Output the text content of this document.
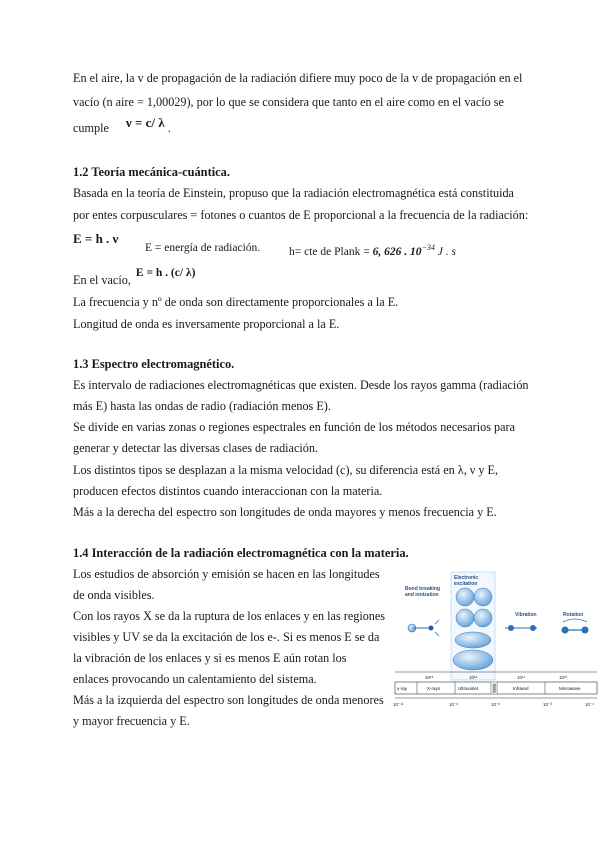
En el aire, la v de propagación de la radiación difiere muy poco de la v de propagación en el
vacío (n aire = 1,00029), por lo que se considera que tanto en el aire como en el vacío se
cumple ν = c/ λ .
1.2 Teoría mecánica-cuántica.
Basada en la teoría de Einstein, propuso que la radiación electromagnética está constituida
por entes corpusculares = fotones o cuantos de E proporcional a la frecuencia de la radiación:
E = h . ν
E = energía de radiación.	h= cte de Plank = 6, 626 . $10^{-34}$ J . s
En el vacío, E = h . (c/ λ)
La frecuencia y nº de onda son directamente proporcionales a la E.
Longitud de onda es inversamente proporcional a la E.
1.3 Espectro electromagnético.
Es intervalo de radiaciones electromagnéticas que existen. Desde los rayos gamma (radiación
más E) hasta las ondas de radio (radiación menos E).
Se divide en varias zonas o regiones espectrales en función de los métodos necesarios para
generar y detectar las diversas clases de radiación.
Los distintos tipos se desplazan a la misma velocidad (c), su diferencia está en λ, ν y E,
producen efectos distintos cuando interaccionan con la materia.
Más a la derecha del espectro son longitudes de onda mayores y menos frecuencia y E.
1.4 Interacción de la radiación electromagnética con la materia.
Los estudios de absorción y emisión se hacen en las longitudes
de onda visibles.
Con los rayos X se da la ruptura de los enlaces y en las regiones
visibles y UV se da la excitación de los e-. Si es menos E se da
la vibración de los enlaces y si es menos E aún rotan los
enlaces provocando un calentamiento del sistema.
Más a la izquierda del espectro son longitudes de onda menores
y mayor frecuencia y E.
Bond breaking
and ionization
Electronic
excitation
Vibration	Rotation
10¹⁸	10¹⁶	10¹⁴	10¹²
γ-ray	X-rays	Ultraviolet	Visible	Infrared	Microwave
10⁻¹¹	10⁻⁸	10⁻⁶	10⁻³	10⁻¹
